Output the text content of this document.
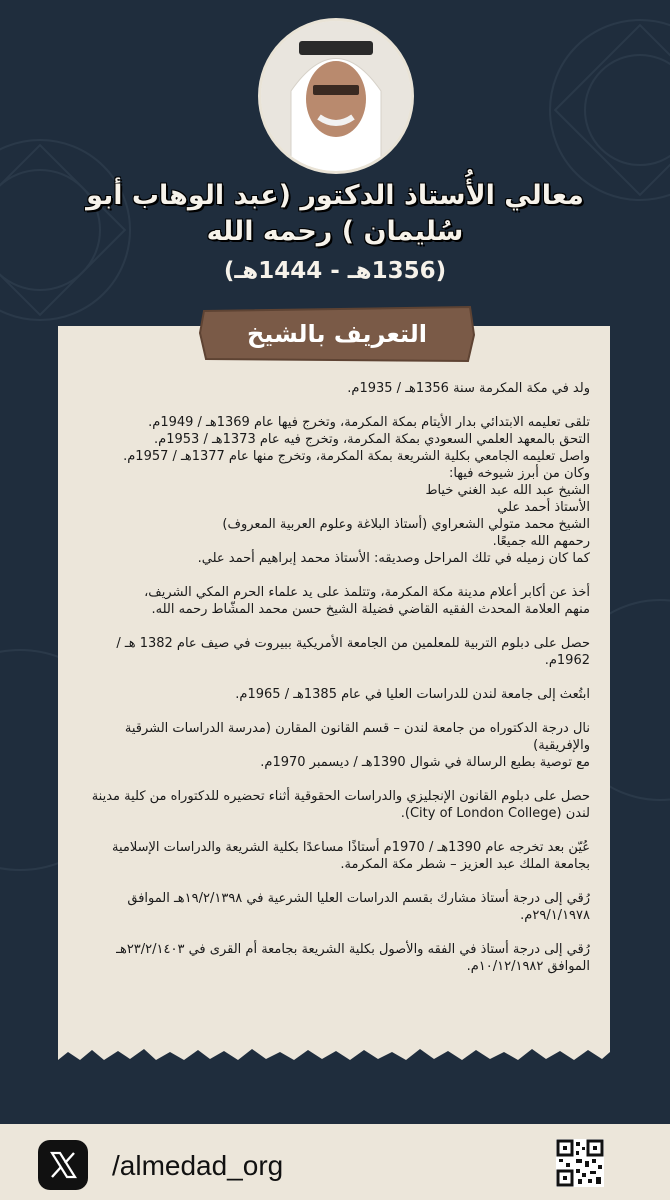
معالي الأُستاذ الدكتور (عبد الوهاب أبو سُليمان ) رحمه الله
(1356هـ - 1444هـ)
التعريف بالشيخ

ولد في مكة المكرمة سنة 1356هـ / 1935م.

تلقى تعليمه الابتدائي بدار الأيتام بمكة المكرمة، وتخرج فيها عام 1369هـ / 1949م.
التحق بالمعهد العلمي السعودي بمكة المكرمة، وتخرج فيه عام 1373هـ / 1953م.
واصل تعليمه الجامعي بكلية الشريعة بمكة المكرمة، وتخرج منها عام 1377هـ / 1957م.
وكان من أبرز شيوخه فيها:
الشيخ عبد الله عبد الغني خياط
الأستاذ أحمد علي
الشيخ محمد متولي الشعراوي (أستاذ البلاغة وعلوم العربية المعروف)
رحمهم الله جميعًا.
كما كان زميله في تلك المراحل وصديقه: الأستاذ محمد إبراهيم أحمد علي.

أخذ عن أكابر أعلام مدينة مكة المكرمة، وتتلمذ على يد علماء الحرم المكي الشريف،
منهم العلامة المحدث الفقيه القاضي فضيلة الشيخ حسن محمد المشّاط رحمه الله.

حصل على دبلوم التربية للمعلمين من الجامعة الأمريكية ببيروت في صيف عام 1382 هـ / 1962م.

ابتُعث إلى جامعة لندن للدراسات العليا في عام 1385هـ / 1965م.

نال درجة الدكتوراه من جامعة لندن – قسم القانون المقارن (مدرسة الدراسات الشرقية والإفريقية)
مع توصية بطبع الرسالة في شوال 1390هـ / ديسمبر 1970م.

حصل على دبلوم القانون الإنجليزي والدراسات الحقوقية أثناء تحضيره للدكتوراه من كلية مدينة لندن (City of London College).

عُيّن بعد تخرجه عام 1390هـ / 1970م أستاذًا مساعدًا بكلية الشريعة والدراسات الإسلامية
بجامعة الملك عبد العزيز – شطر مكة المكرمة.

رُقي إلى درجة أستاذ مشارك بقسم الدراسات العليا الشرعية في ١٩/٢/١٣٩٨هـ الموافق ٢٩/١/١٩٧٨م.

رُقي إلى درجة أستاذ في الفقه والأصول بكلية الشريعة بجامعة أم القرى في ٢٣/٢/١٤٠٣هـ الموافق ١٠/١٢/١٩٨٢م.

/almedad_org
